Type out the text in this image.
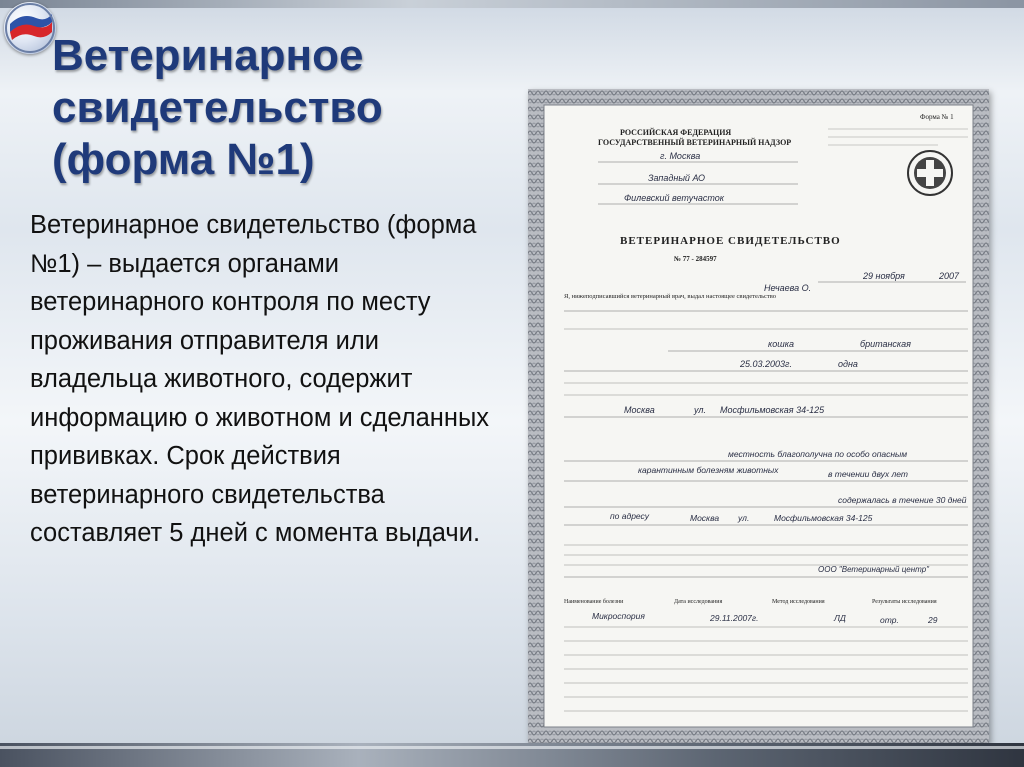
Ветеринарное свидетельство (форма №1)

Ветеринарное свидетельство (форма №1) – выдается органами ветеринарного контроля по месту проживания отправителя или владельца животного, содержит информацию о животном и сделанных прививках. Срок действия ветеринарного свидетельства составляет 5 дней с момента выдачи.

Форма № 1
РОССИЙСКАЯ ФЕДЕРАЦИЯ
ГОСУДАРСТВЕННЫЙ ВЕТЕРИНАРНЫЙ НАДЗОР
г. Москва
Западный АО
Филевский ветучасток
ВЕТЕРИНАРНОЕ СВИДЕТЕЛЬСТВО
№ 77 - 284597
29 ноября	2007
Я, нижеподписавшийся ветеринарный врач, выдал настоящее свидетельство
Нечаева О.
кошка	британская
25.03.2003г.	одна
Москва	ул. Мосфильмовская 34-125
местность благополучна по особо опасным
карантинным болезням животных	в течении двух лет
содержалась в течение 30 дней
по адресу	Москва ул.	Мосфильмовская 34-125
ООО "Ветеринарный центр"
Наименование болезни	Дата исследования	Метод исследования	Результаты исследования
Микроспория	29.11.2007г.	ЛД	отр.	29
